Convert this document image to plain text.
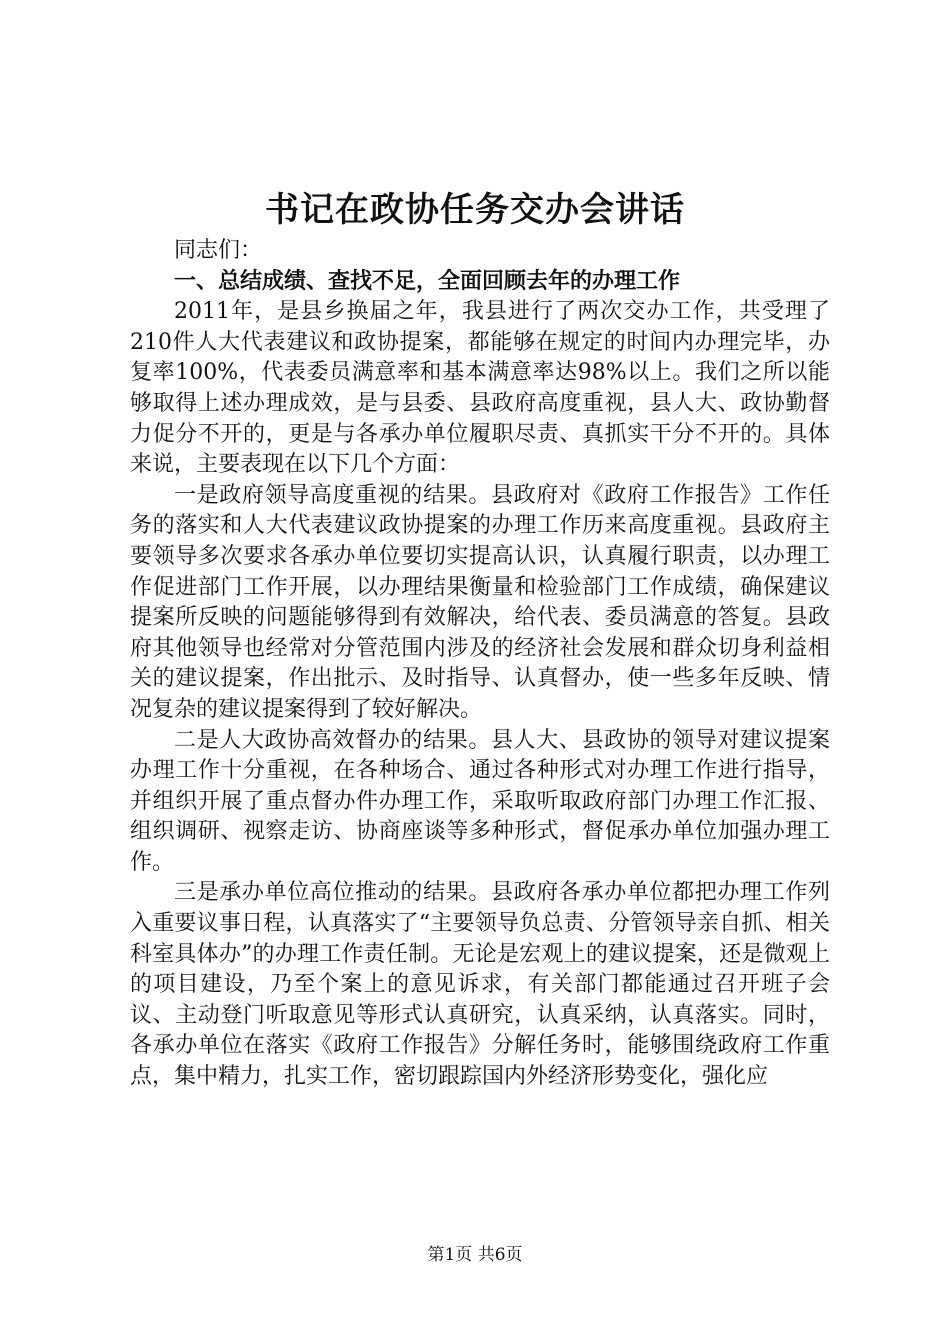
书记在政协任务交办会讲话

同志们：

一、总结成绩、查找不足，全面回顾去年的办理工作

2011年，是县乡换届之年，我县进行了两次交办工作，共受理了210件人大代表建议和政协提案，都能够在规定的时间内办理完毕，办复率100%，代表委员满意率和基本满意率达98%以上。我们之所以能够取得上述办理成效，是与县委、县政府高度重视，县人大、政协勤督力促分不开的，更是与各承办单位履职尽责、真抓实干分不开的。具体来说，主要表现在以下几个方面：

一是政府领导高度重视的结果。县政府对《政府工作报告》工作任务的落实和人大代表建议政协提案的办理工作历来高度重视。县政府主要领导多次要求各承办单位要切实提高认识，认真履行职责，以办理工作促进部门工作开展，以办理结果衡量和检验部门工作成绩，确保建议提案所反映的问题能够得到有效解决，给代表、委员满意的答复。县政府其他领导也经常对分管范围内涉及的经济社会发展和群众切身利益相关的建议提案，作出批示、及时指导、认真督办，使一些多年反映、情况复杂的建议提案得到了较好解决。

二是人大政协高效督办的结果。县人大、县政协的领导对建议提案办理工作十分重视，在各种场合、通过各种形式对办理工作进行指导，并组织开展了重点督办件办理工作，采取听取政府部门办理工作汇报、组织调研、视察走访、协商座谈等多种形式，督促承办单位加强办理工作。

三是承办单位高位推动的结果。县政府各承办单位都把办理工作列入重要议事日程，认真落实了“主要领导负总责、分管领导亲自抓、相关科室具体办”的办理工作责任制。无论是宏观上的建议提案，还是微观上的项目建设，乃至个案上的意见诉求，有关部门都能通过召开班子会议、主动登门听取意见等形式认真研究，认真采纳，认真落实。同时，各承办单位在落实《政府工作报告》分解任务时，能够围绕政府工作重点，集中精力，扎实工作，密切跟踪国内外经济形势变化，强化应

第1页 共6页
